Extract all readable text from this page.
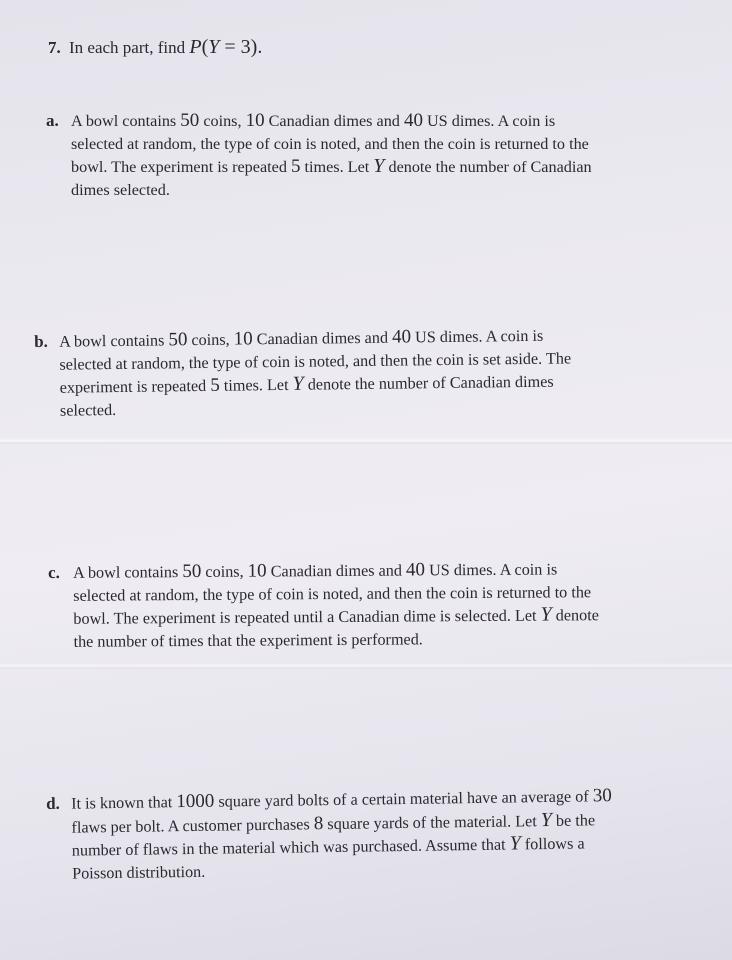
7. In each part, find P(Y = 3).
a. A bowl contains 50 coins, 10 Canadian dimes and 40 US dimes. A coin is
selected at random, the type of coin is noted, and then the coin is returned to the
bowl. The experiment is repeated 5 times. Let Y denote the number of Canadian
dimes selected.
b. A bowl contains 50 coins, 10 Canadian dimes and 40 US dimes. A coin is
selected at random, the type of coin is noted, and then the coin is set aside. The
experiment is repeated 5 times. Let Y denote the number of Canadian dimes
selected.
c. A bowl contains 50 coins, 10 Canadian dimes and 40 US dimes. A coin is
selected at random, the type of coin is noted, and then the coin is returned to the
bowl. The experiment is repeated until a Canadian dime is selected. Let Y denote
the number of times that the experiment is performed.
d. It is known that 1000 square yard bolts of a certain material have an average of 30
flaws per bolt. A customer purchases 8 square yards of the material. Let Y be the
number of flaws in the material which was purchased. Assume that Y follows a
Poisson distribution.
